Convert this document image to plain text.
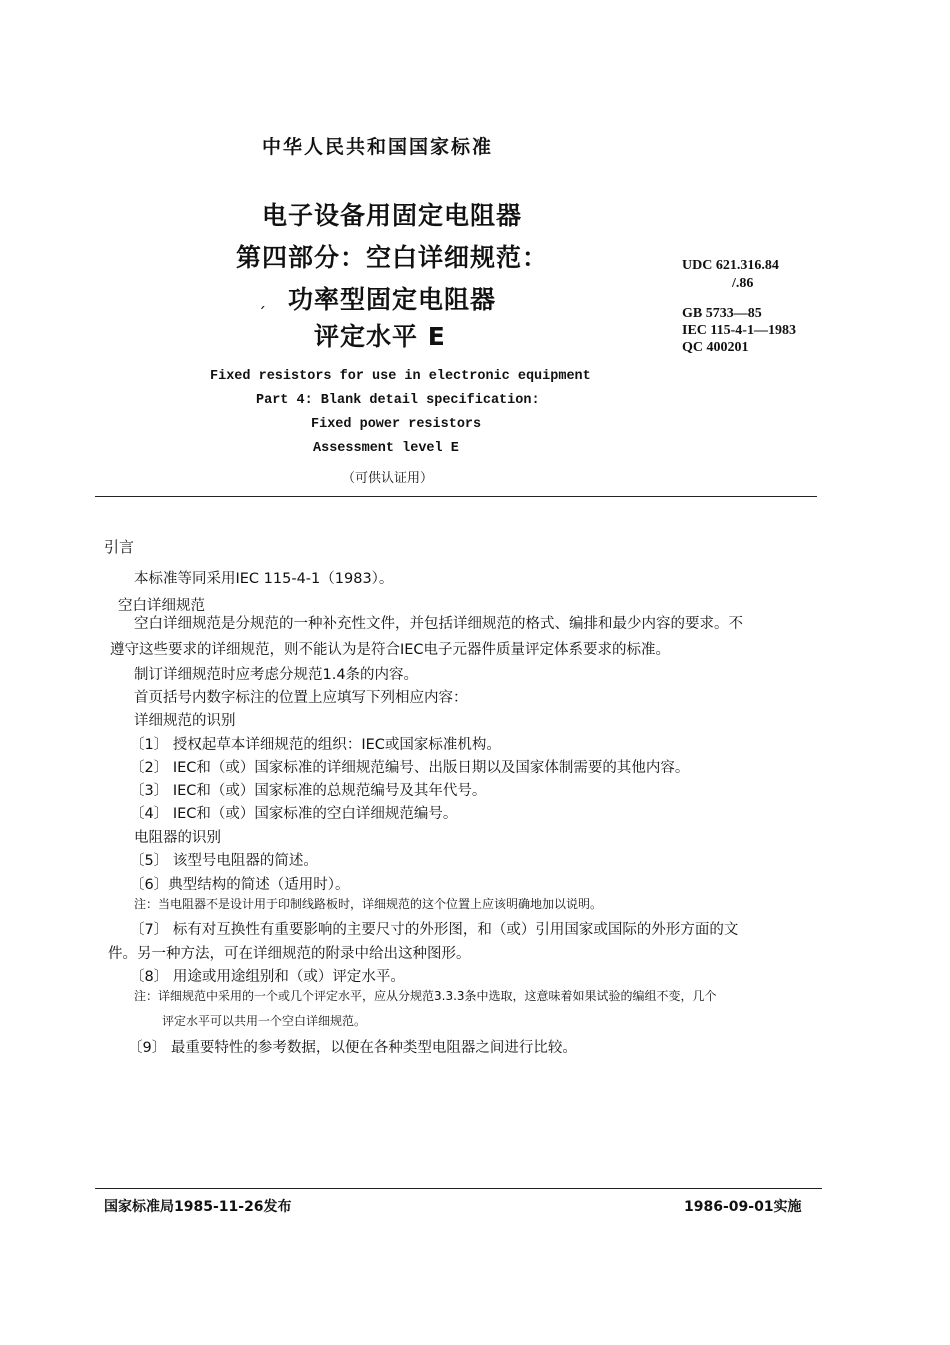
中华人民共和国国家标准
电子设备用固定电阻器
第四部分：空白详细规范：
ˏ 功率型固定电阻器
评定水平 E
UDC 621.316.84
/.86
GB 5733—85
IEC 115-4-1—1983
QC 400201
Fixed resistors for use in electronic equipment
Part 4: Blank detail specification:
Fixed power resistors
Assessment level E
（可供认证用）
引言
本标准等同采用IEC 115-4-1（1983）。
空白详细规范
空白详细规范是分规范的一种补充性文件，并包括详细规范的格式、编排和最少内容的要求。不
遵守这些要求的详细规范，则不能认为是符合IEC电子元器件质量评定体系要求的标准。
制订详细规范时应考虑分规范1.4条的内容。
首页括号内数字标注的位置上应填写下列相应内容：
详细规范的识别
〔1〕 授权起草本详细规范的组织：IEC或国家标准机构。
〔2〕 IEC和（或）国家标准的详细规范编号、出版日期以及国家体制需要的其他内容。
〔3〕 IEC和（或）国家标准的总规范编号及其年代号。
〔4〕 IEC和（或）国家标准的空白详细规范编号。
电阻器的识别
〔5〕 该型号电阻器的简述。
〔6〕典型结构的简述（适用时）。
注：当电阻器不是设计用于印制线路板时，详细规范的这个位置上应该明确地加以说明。
〔7〕 标有对互换性有重要影响的主要尺寸的外形图，和（或）引用国家或国际的外形方面的文
件。另一种方法，可在详细规范的附录中给出这种图形。
〔8〕 用途或用途组别和（或）评定水平。
注：详细规范中采用的一个或几个评定水平，应从分规范3.3.3条中选取，这意味着如果试验的编组不变，几个
评定水平可以共用一个空白详细规范。
〔9〕 最重要特性的参考数据，以便在各种类型电阻器之间进行比较。
国家标准局1985-11-26发布	1986-09-01实施
